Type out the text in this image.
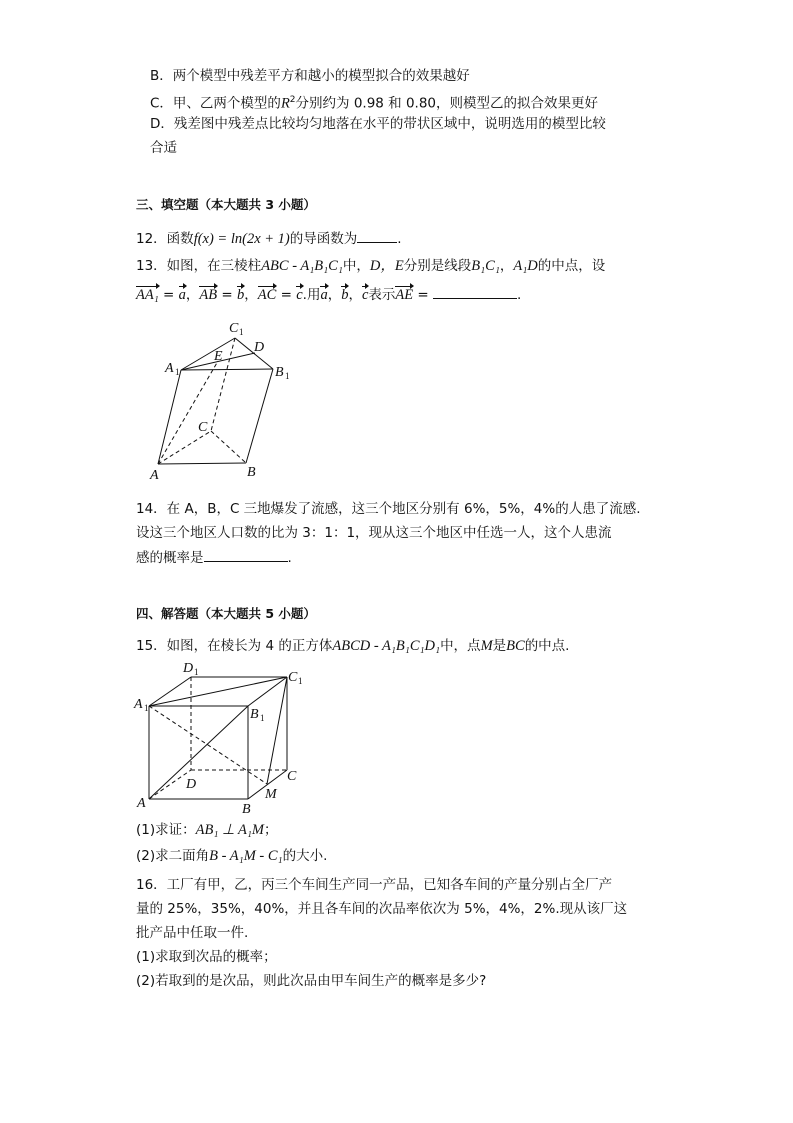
B．两个模型中残差平方和越小的模型拟合的效果越好
C．甲、乙两个模型的$R^2$分别约为 0.98 和 0.80，则模型乙的拟合效果更好
D．残差图中残差点比较均匀地落在水平的带状区域中，说明选用的模型比较
合适
三、填空题（本大题共 3 小题）
12．函数f(x) = ln(2x + 1)的导函数为	.
13．如图，在三棱柱ABC - A₁B₁C₁中，D，E分别是线段B₁C₁，A₁D的中点，设
AA₁ = a，AB = b，AC = c.用a，b，c表示AE =	.
C 1
A 1	B 1
D
E
C
A	B
14．在 A，B，C 三地爆发了流感，这三个地区分别有 6%，5%，4%的人患了流感.
设这三个地区人口数的比为 3：1：1，现从这三个地区中任选一人，这个人患流
感的概率是	.
四、解答题（本大题共 5 小题）
15．如图，在棱长为 4 的正方体ABCD - A₁B₁C₁D₁中，点M是BC的中点.
D 1	C 1
A 1	B 1
D
C
M
A	B
(1)求证：AB₁ ⊥ A₁M；
(2)求二面角B - A₁M - C₁的大小.
16．工厂有甲，乙，丙三个车间生产同一产品，已知各车间的产量分别占全厂产
量的 25%，35%，40%，并且各车间的次品率依次为 5%，4%，2%.现从该厂这
批产品中任取一件.
(1)求取到次品的概率；
(2)若取到的是次品，则此次品由甲车间生产的概率是多少?
